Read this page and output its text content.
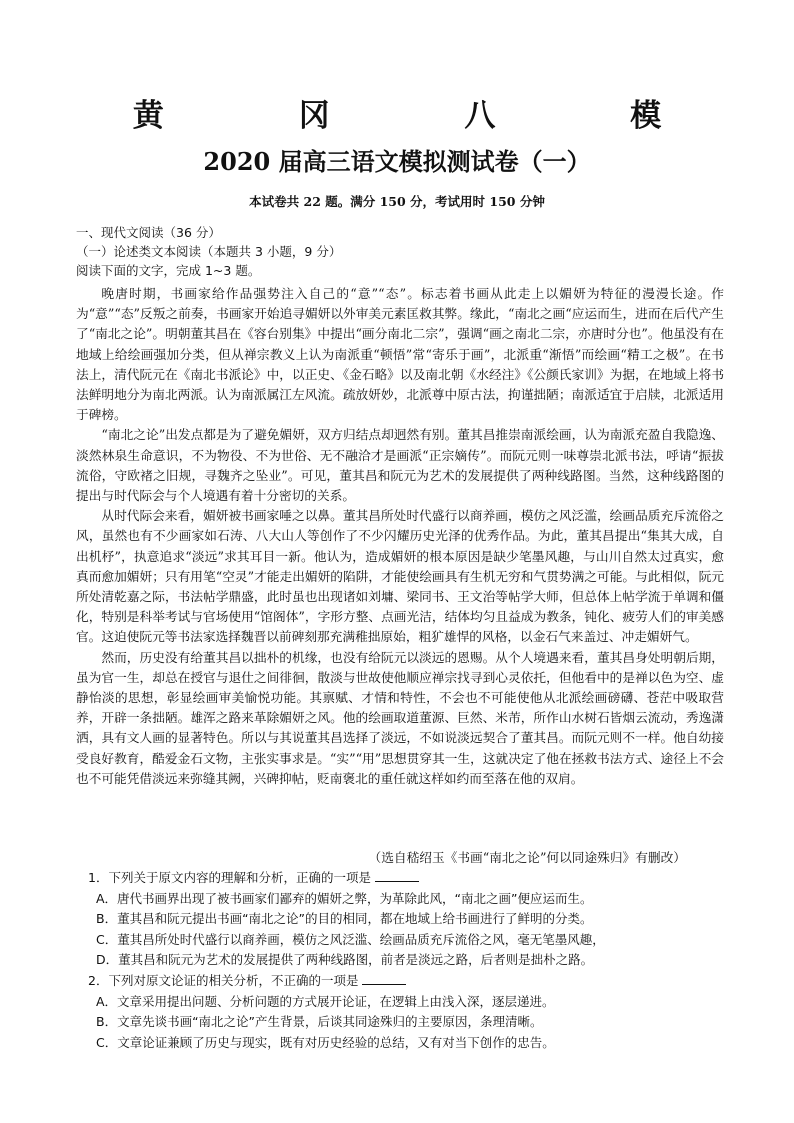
黄 冈 八 模
2020 届高三语文模拟测试卷（一）
本试卷共 22 题。满分 150 分，考试用时 150 分钟
一、现代文阅读（36 分）
（一）论述类文本阅读（本题共 3 小题，9 分）
阅读下面的文字，完成 1~3 题。

晚唐时期，书画家给作品强势注入自己的“意”“态”。标志着书画从此走上以媚妍为特征的漫漫长途。作为“意”“态”反叛之前奏，书画家开始追寻媚妍以外审美元素匡救其弊。缘此，“南北之画“应运而生，进而在后代产生了“南北之论”。明朝董其昌在《容台别集》中提出“画分南北二宗”，强调“画之南北二宗，亦唐时分也”。他虽没有在地域上给绘画强加分类，但从禅宗教义上认为南派重“顿悟”常“寄乐于画”，北派重“渐悟”而绘画“精工之极”。在书法上，清代阮元在《南北书派论》中，以正史、《金石略》以及南北朝《水经注》《公颜氏家训》为据，在地域上将书法鲜明地分为南北两派。认为南派属江左风流。疏放妍妙，北派尊中原古法，拘谨拙陋；南派适宜于启牍，北派适用于碑榜。

“南北之论”出发点都是为了避免媚妍，双方归结点却迥然有别。董其昌推崇南派绘画，认为南派充盈自我隐逸、淡然林泉生命意识，不为物役、不为世俗、无不融洽才是画派“正宗嫡传”。而阮元则一味尊崇北派书法，呼请“振拔流俗，守欧褚之旧规，寻魏齐之坠业”。可见，董其昌和阮元为艺术的发展提供了两种线路图。当然，这种线路图的提出与时代际会与个人境遇有着十分密切的关系。

从时代际会来看，媚妍被书画家唾之以鼻。董其昌所处时代盛行以商养画，模仿之风泛滥，绘画品质充斥流俗之风，虽然也有不少画家如石涛、八大山人等创作了不少闪耀历史光泽的优秀作品。为此，董其昌提出“集其大成，自出机杼”，执意追求“淡远”求其耳目一新。他认为，造成媚妍的根本原因是缺少笔墨风趣，与山川自然太过真实，愈真而愈加媚妍；只有用笔“空灵”才能走出媚妍的陷阱，才能使绘画具有生机无穷和气贯势满之可能。与此相似，阮元所处清乾嘉之际，书法帖学鼎盛，此时虽也出现诸如刘墉、梁同书、王文治等帖学大师，但总体上帖学流于单调和僵化，特别是科举考试与官场使用“馆阁体”，字形方整、点画光洁，结体均匀且益成为教条，钝化、疲劳人们的审美感官。这迫使阮元等书法家选择魏晋以前碑刻那充满稚拙原始，粗犷雄悍的风格，以金石气来盖过、冲走媚妍气。

然而，历史没有给董其昌以拙朴的机缘，也没有给阮元以淡远的恩赐。从个人境遇来看，董其昌身处明朝后期，虽为官一生，却总在授官与退仕之间徘徊，散淡与世故使他顺应禅宗找寻到心灵依托，但他看中的是禅以色为空、虚静怡淡的思想，彰显绘画审美愉悦功能。其禀赋、才情和特性，不会也不可能使他从北派绘画磅礴、苍茫中吸取营养，开辟一条拙陋。雄浑之路来革除媚妍之风。他的绘画取道董源、巨然、米芾，所作山水树石皆烟云流动，秀逸潇洒，具有文人画的显著特色。所以与其说董其昌选择了淡远，不如说淡远契合了董其昌。而阮元则不一样。他自幼接受良好教育，酷爱金石文物，主张实事求是。“实”“用”思想贯穿其一生，这就决定了他在拯救书法方式、途径上不会也不可能凭借淡远来弥缝其阙，兴碑抑帖，贬南褒北的重任就这样如约而至落在他的双肩。

（选自嵇绍玉《书画“南北之论”何以同途殊归》有删改）

1．下列关于原文内容的理解和分析，正确的一项是

A．唐代书画界出现了被书画家们鄙弃的媚妍之弊，为革除此风，“南北之画”便应运而生。

B．董其昌和阮元提出书画“南北之论”的目的相同，都在地域上给书画进行了鲜明的分类。

C．董其昌所处时代盛行以商养画，模仿之风泛滥、绘画品质充斥流俗之风，毫无笔墨风趣，

D．董其昌和阮元为艺术的发展提供了两种线路图，前者是淡远之路，后者则是拙朴之路。

2．下列对原文论证的相关分析，不正确的一项是

A．文章采用提出问题、分析问题的方式展开论证，在逻辑上由浅入深，逐层递进。

B．文章先谈书画“南北之论”产生背景，后谈其同途殊归的主要原因，条理清晰。

C．文章论证兼顾了历史与现实，既有对历史经验的总结，又有对当下创作的忠告。
